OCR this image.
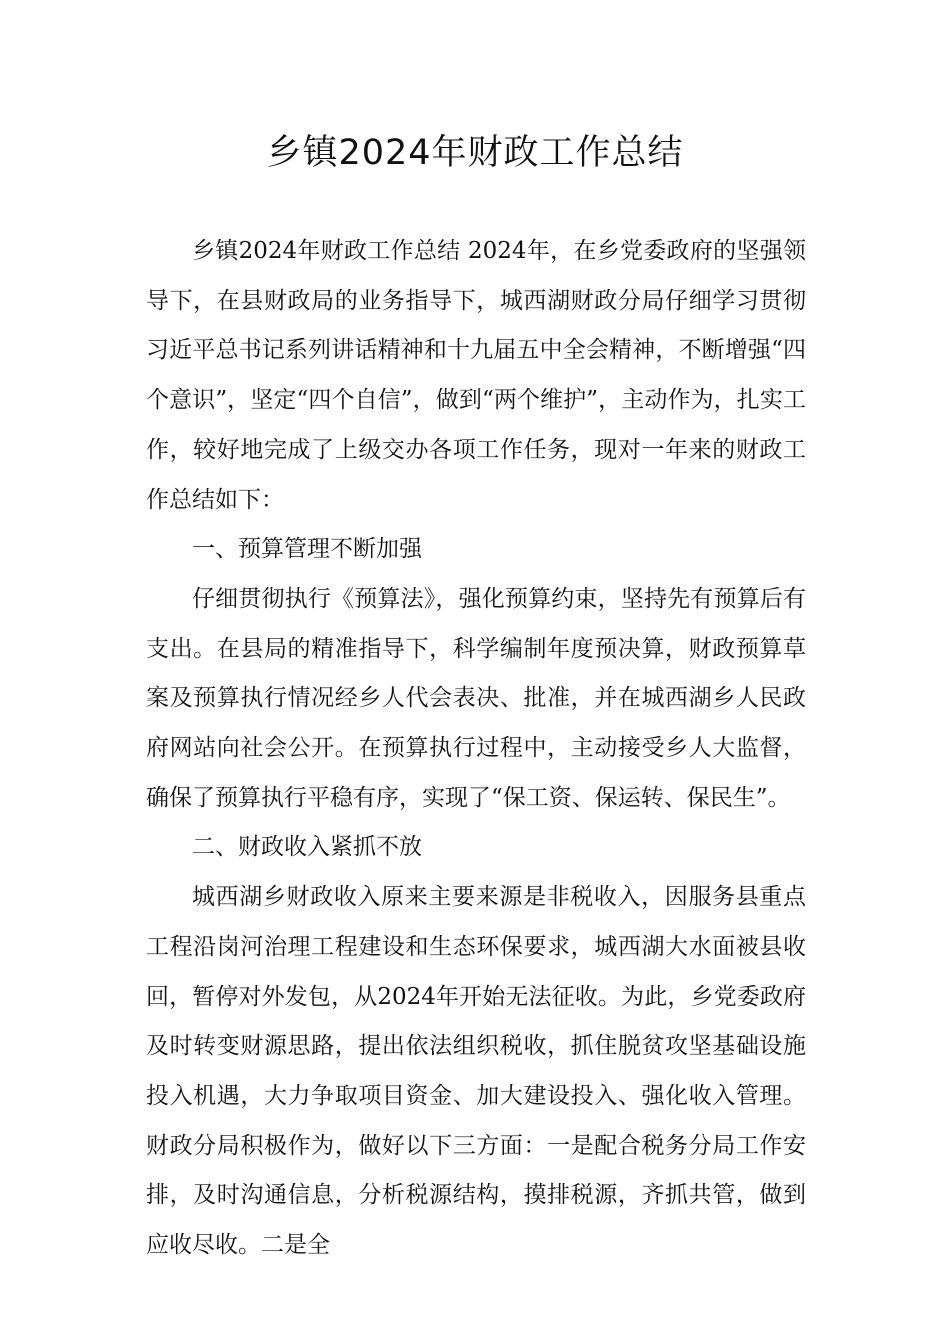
乡镇2024年财政工作总结

乡镇2024年财政工作总结 2024年，在乡党委政府的坚强领导下，在县财政局的业务指导下，城西湖财政分局仔细学习贯彻习近平总书记系列讲话精神和十九届五中全会精神，不断增强“四个意识”，坚定“四个自信”，做到“两个维护”，主动作为，扎实工作，较好地完成了上级交办各项工作任务，现对一年来的财政工作总结如下：

一、预算管理不断加强

仔细贯彻执行《预算法》，强化预算约束，坚持先有预算后有支出。在县局的精准指导下，科学编制年度预决算，财政预算草案及预算执行情况经乡人代会表决、批准，并在城西湖乡人民政府网站向社会公开。在预算执行过程中，主动接受乡人大监督，确保了预算执行平稳有序，实现了“保工资、保运转、保民生”。

二、财政收入紧抓不放

城西湖乡财政收入原来主要来源是非税收入，因服务县重点工程沿岗河治理工程建设和生态环保要求，城西湖大水面被县收回，暂停对外发包，从2024年开始无法征收。为此，乡党委政府及时转变财源思路，提出依法组织税收，抓住脱贫攻坚基础设施投入机遇，大力争取项目资金、加大建设投入、强化收入管理。财政分局积极作为，做好以下三方面：一是配合税务分局工作安排，及时沟通信息，分析税源结构，摸排税源，齐抓共管，做到应收尽收。二是全
